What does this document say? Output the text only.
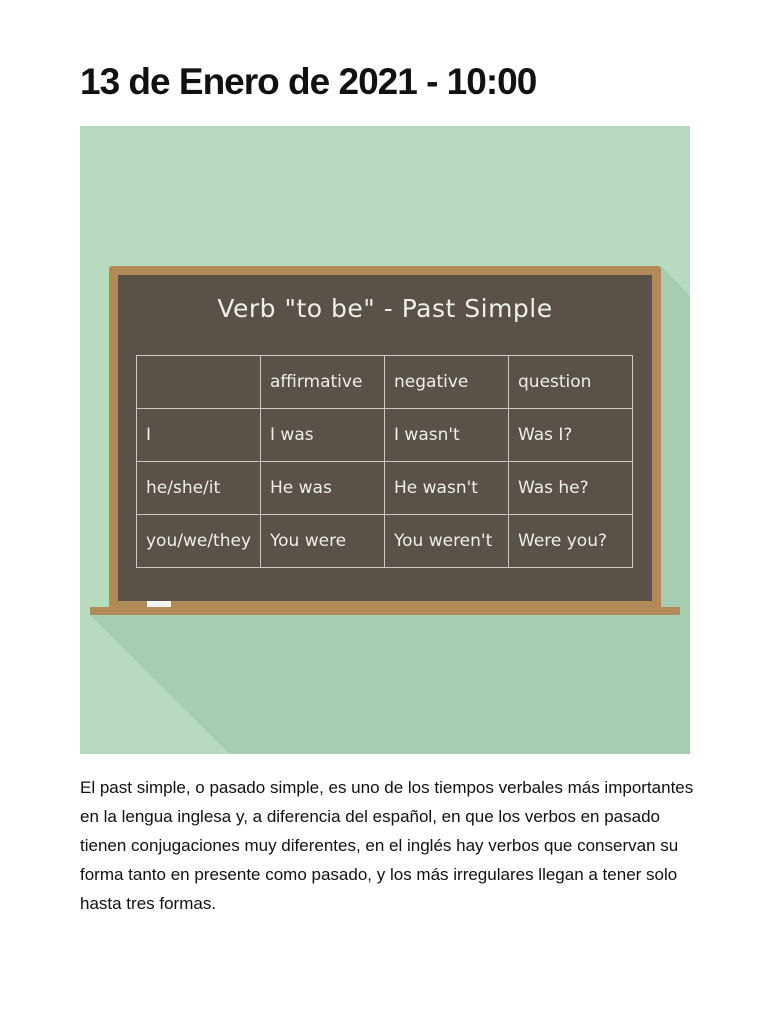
13 de Enero de 2021 - 10:00
Verb "to be" - Past Simple
	affirmative	negative	question
I	I was	I wasn't	Was I?
he/she/it	He was	He wasn't	Was he?
you/we/they	You were	You weren't	Were you?

El past simple, o pasado simple, es uno de los tiempos verbales más importantes en la lengua inglesa y, a diferencia del español, en que los verbos en pasado tienen conjugaciones muy diferentes, en el inglés hay verbos que conservan su forma tanto en presente como pasado, y los más irregulares llegan a tener solo hasta tres formas.
